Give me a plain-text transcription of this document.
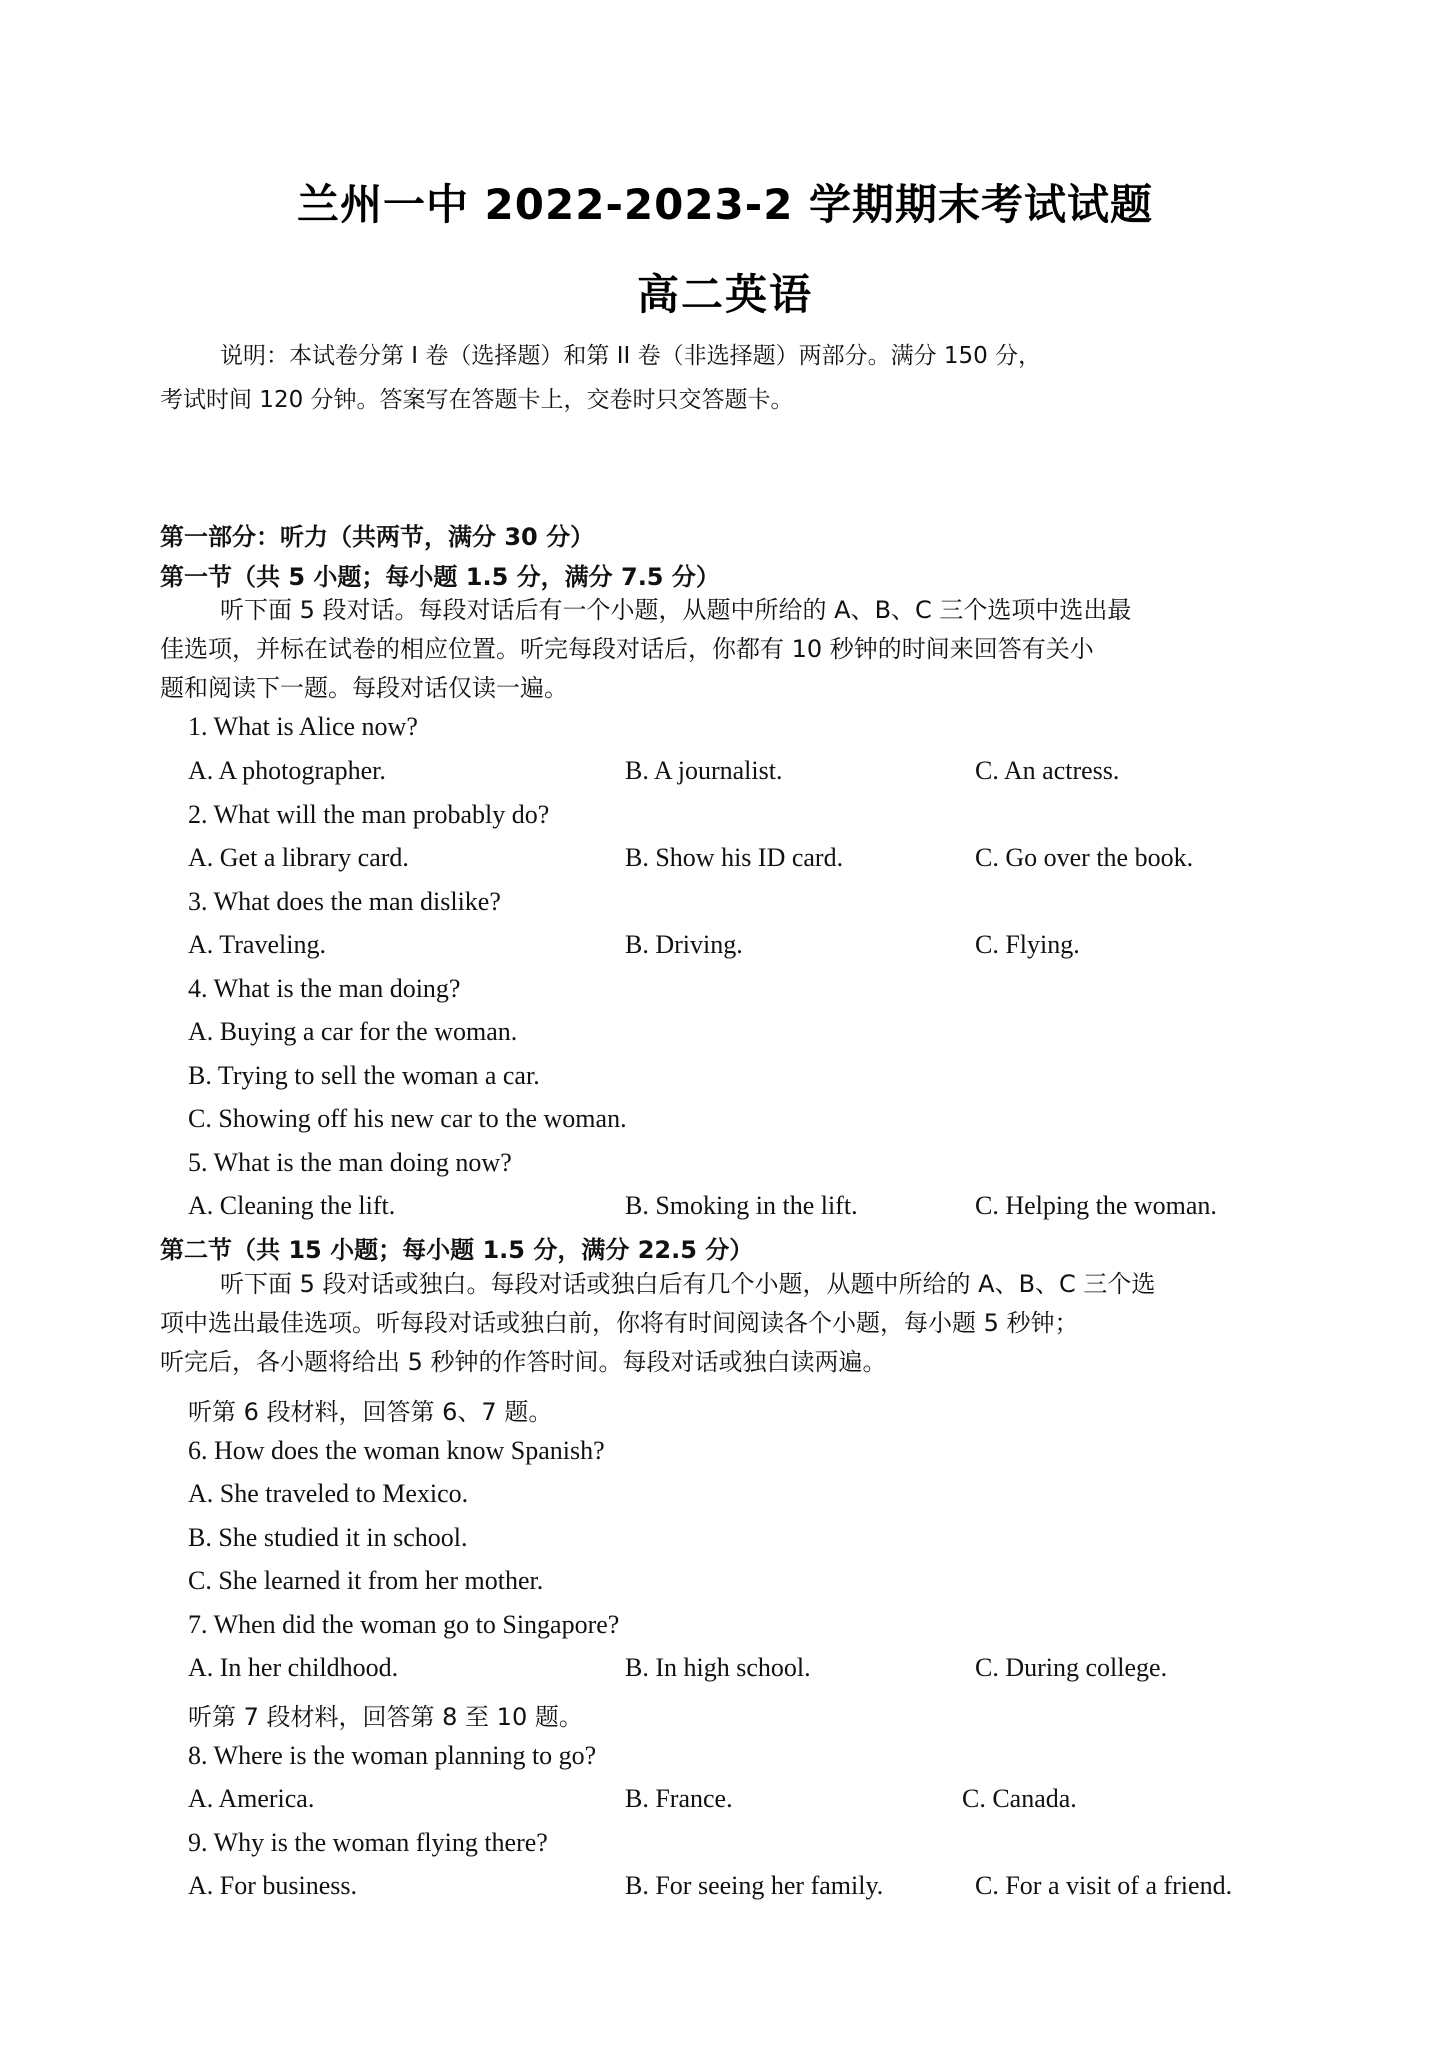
兰州一中 2022-2023-2 学期期末考试试题
高二英语

说明：本试卷分第 I 卷（选择题）和第 II 卷（非选择题）两部分。满分 150 分，
考试时间 120 分钟。答案写在答题卡上，交卷时只交答题卡。

第一部分：听力（共两节，满分 30 分）

第一节（共 5 小题；每小题 1.5 分，满分 7.5 分）

听下面 5 段对话。每段对话后有一个小题，从题中所给的 A、B、C 三个选项中选出最
佳选项，并标在试卷的相应位置。听完每段对话后，你都有 10 秒钟的时间来回答有关小
题和阅读下一题。每段对话仅读一遍。

1. What is Alice now?

A. A photographer.	B. A journalist.	C. An actress.

2. What will the man probably do?

A. Get a library card.	B. Show his ID card.	C. Go over the book.

3. What does the man dislike?

A. Traveling.	B. Driving.	C. Flying.

4. What is the man doing?

A. Buying a car for the woman.

B. Trying to sell the woman a car.

C. Showing off his new car to the woman.

5. What is the man doing now?

A. Cleaning the lift.	B. Smoking in the lift.	C. Helping the woman.

第二节（共 15 小题；每小题 1.5 分，满分 22.5 分）

听下面 5 段对话或独白。每段对话或独白后有几个小题，从题中所给的 A、B、C 三个选
项中选出最佳选项。听每段对话或独白前，你将有时间阅读各个小题，每小题 5 秒钟；
听完后，各小题将给出 5 秒钟的作答时间。每段对话或独白读两遍。

听第 6 段材料，回答第 6、7 题。

6. How does the woman know Spanish?

A. She traveled to Mexico.

B. She studied it in school.

C. She learned it from her mother.

7. When did the woman go to Singapore?

A. In her childhood.	B. In high school.	C. During college.

听第 7 段材料，回答第 8 至 10 题。

8. Where is the woman planning to go?

A. America.	B. France.	C. Canada.

9. Why is the woman flying there?

A. For business.	B. For seeing her family.	C. For a visit of a friend.
